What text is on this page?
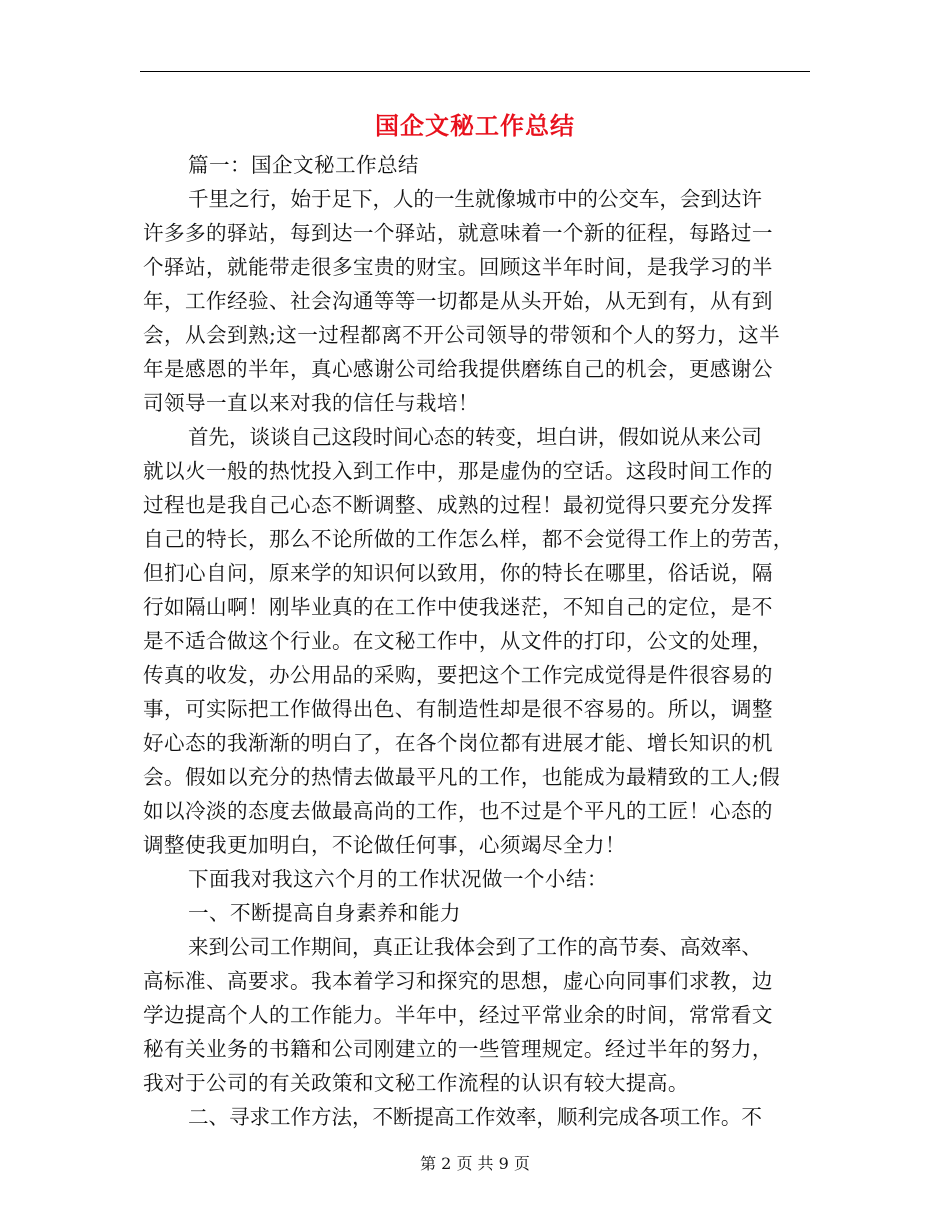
国企文秘工作总结
篇一：国企文秘工作总结
千里之行，始于足下，人的一生就像城市中的公交车，会到达许
许多多的驿站，每到达一个驿站，就意味着一个新的征程，每路过一
个驿站，就能带走很多宝贵的财宝。回顾这半年时间，是我学习的半
年，工作经验、社会沟通等等一切都是从头开始，从无到有，从有到
会，从会到熟;这一过程都离不开公司领导的带领和个人的努力，这半
年是感恩的半年，真心感谢公司给我提供磨练自己的机会，更感谢公
司领导一直以来对我的信任与栽培！
首先，谈谈自己这段时间心态的转变，坦白讲，假如说从来公司
就以火一般的热忱投入到工作中，那是虚伪的空话。这段时间工作的
过程也是我自己心态不断调整、成熟的过程！最初觉得只要充分发挥
自己的特长，那么不论所做的工作怎么样，都不会觉得工作上的劳苦，
但扪心自问，原来学的知识何以致用，你的特长在哪里，俗话说，隔
行如隔山啊！刚毕业真的在工作中使我迷茫，不知自己的定位，是不
是不适合做这个行业。在文秘工作中，从文件的打印，公文的处理，
传真的收发，办公用品的采购，要把这个工作完成觉得是件很容易的
事，可实际把工作做得出色、有制造性却是很不容易的。所以，调整
好心态的我渐渐的明白了，在各个岗位都有进展才能、增长知识的机
会。假如以充分的热情去做最平凡的工作，也能成为最精致的工人;假
如以冷淡的态度去做最高尚的工作，也不过是个平凡的工匠！心态的
调整使我更加明白，不论做任何事，心须竭尽全力！
下面我对我这六个月的工作状况做一个小结：
一、不断提高自身素养和能力
来到公司工作期间，真正让我体会到了工作的高节奏、高效率、
高标准、高要求。我本着学习和探究的思想，虚心向同事们求教，边
学边提高个人的工作能力。半年中，经过平常业余的时间，常常看文
秘有关业务的书籍和公司刚建立的一些管理规定。经过半年的努力，
我对于公司的有关政策和文秘工作流程的认识有较大提高。
二、寻求工作方法，不断提高工作效率，顺利完成各项工作。不
第 2 页 共 9 页
